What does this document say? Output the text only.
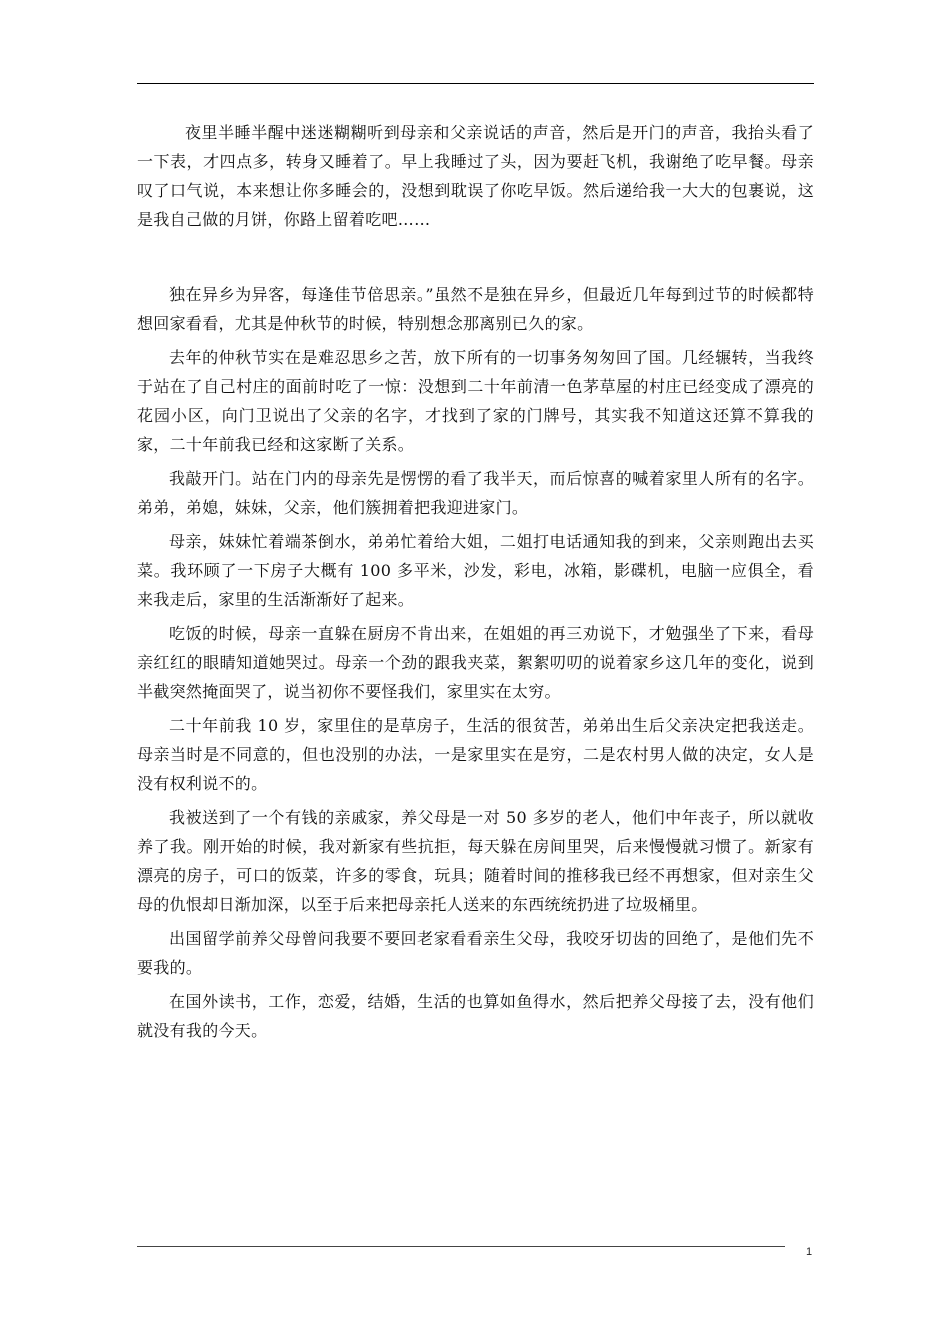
夜里半睡半醒中迷迷糊糊听到母亲和父亲说话的声音，然后是开门的声音，我抬头看了一下表，才四点多，转身又睡着了。早上我睡过了头，因为要赶飞机，我谢绝了吃早餐。母亲叹了口气说，本来想让你多睡会的，没想到耽误了你吃早饭。然后递给我一大大的包裹说，这是我自己做的月饼，你路上留着吃吧……

独在异乡为异客，每逢佳节倍思亲。”虽然不是独在异乡，但最近几年每到过节的时候都特想回家看看，尤其是仲秋节的时候，特别想念那离别已久的家。

去年的仲秋节实在是难忍思乡之苦，放下所有的一切事务匆匆回了国。几经辗转，当我终于站在了自己村庄的面前时吃了一惊：没想到二十年前清一色茅草屋的村庄已经变成了漂亮的花园小区，向门卫说出了父亲的名字，才找到了家的门牌号，其实我不知道这还算不算我的家，二十年前我已经和这家断了关系。

我敲开门。站在门内的母亲先是愣愣的看了我半天，而后惊喜的喊着家里人所有的名字。弟弟，弟媳，妹妹，父亲，他们簇拥着把我迎进家门。

母亲，妹妹忙着端茶倒水，弟弟忙着给大姐，二姐打电话通知我的到来，父亲则跑出去买菜。我环顾了一下房子大概有 100 多平米，沙发，彩电，冰箱，影碟机，电脑一应俱全，看来我走后，家里的生活渐渐好了起来。

吃饭的时候，母亲一直躲在厨房不肯出来，在姐姐的再三劝说下，才勉强坐了下来，看母亲红红的眼睛知道她哭过。母亲一个劲的跟我夹菜，絮絮叨叨的说着家乡这几年的变化，说到半截突然掩面哭了，说当初你不要怪我们，家里实在太穷。

二十年前我 10 岁，家里住的是草房子，生活的很贫苦，弟弟出生后父亲决定把我送走。母亲当时是不同意的，但也没别的办法，一是家里实在是穷，二是农村男人做的决定，女人是没有权利说不的。

我被送到了一个有钱的亲戚家，养父母是一对 50 多岁的老人，他们中年丧子，所以就收养了我。刚开始的时候，我对新家有些抗拒，每天躲在房间里哭，后来慢慢就习惯了。新家有漂亮的房子，可口的饭菜，许多的零食，玩具；随着时间的推移我已经不再想家，但对亲生父母的仇恨却日渐加深，以至于后来把母亲托人送来的东西统统扔进了垃圾桶里。

出国留学前养父母曾问我要不要回老家看看亲生父母，我咬牙切齿的回绝了，是他们先不要我的。

在国外读书，工作，恋爱，结婚，生活的也算如鱼得水，然后把养父母接了去，没有他们就没有我的今天。

1
